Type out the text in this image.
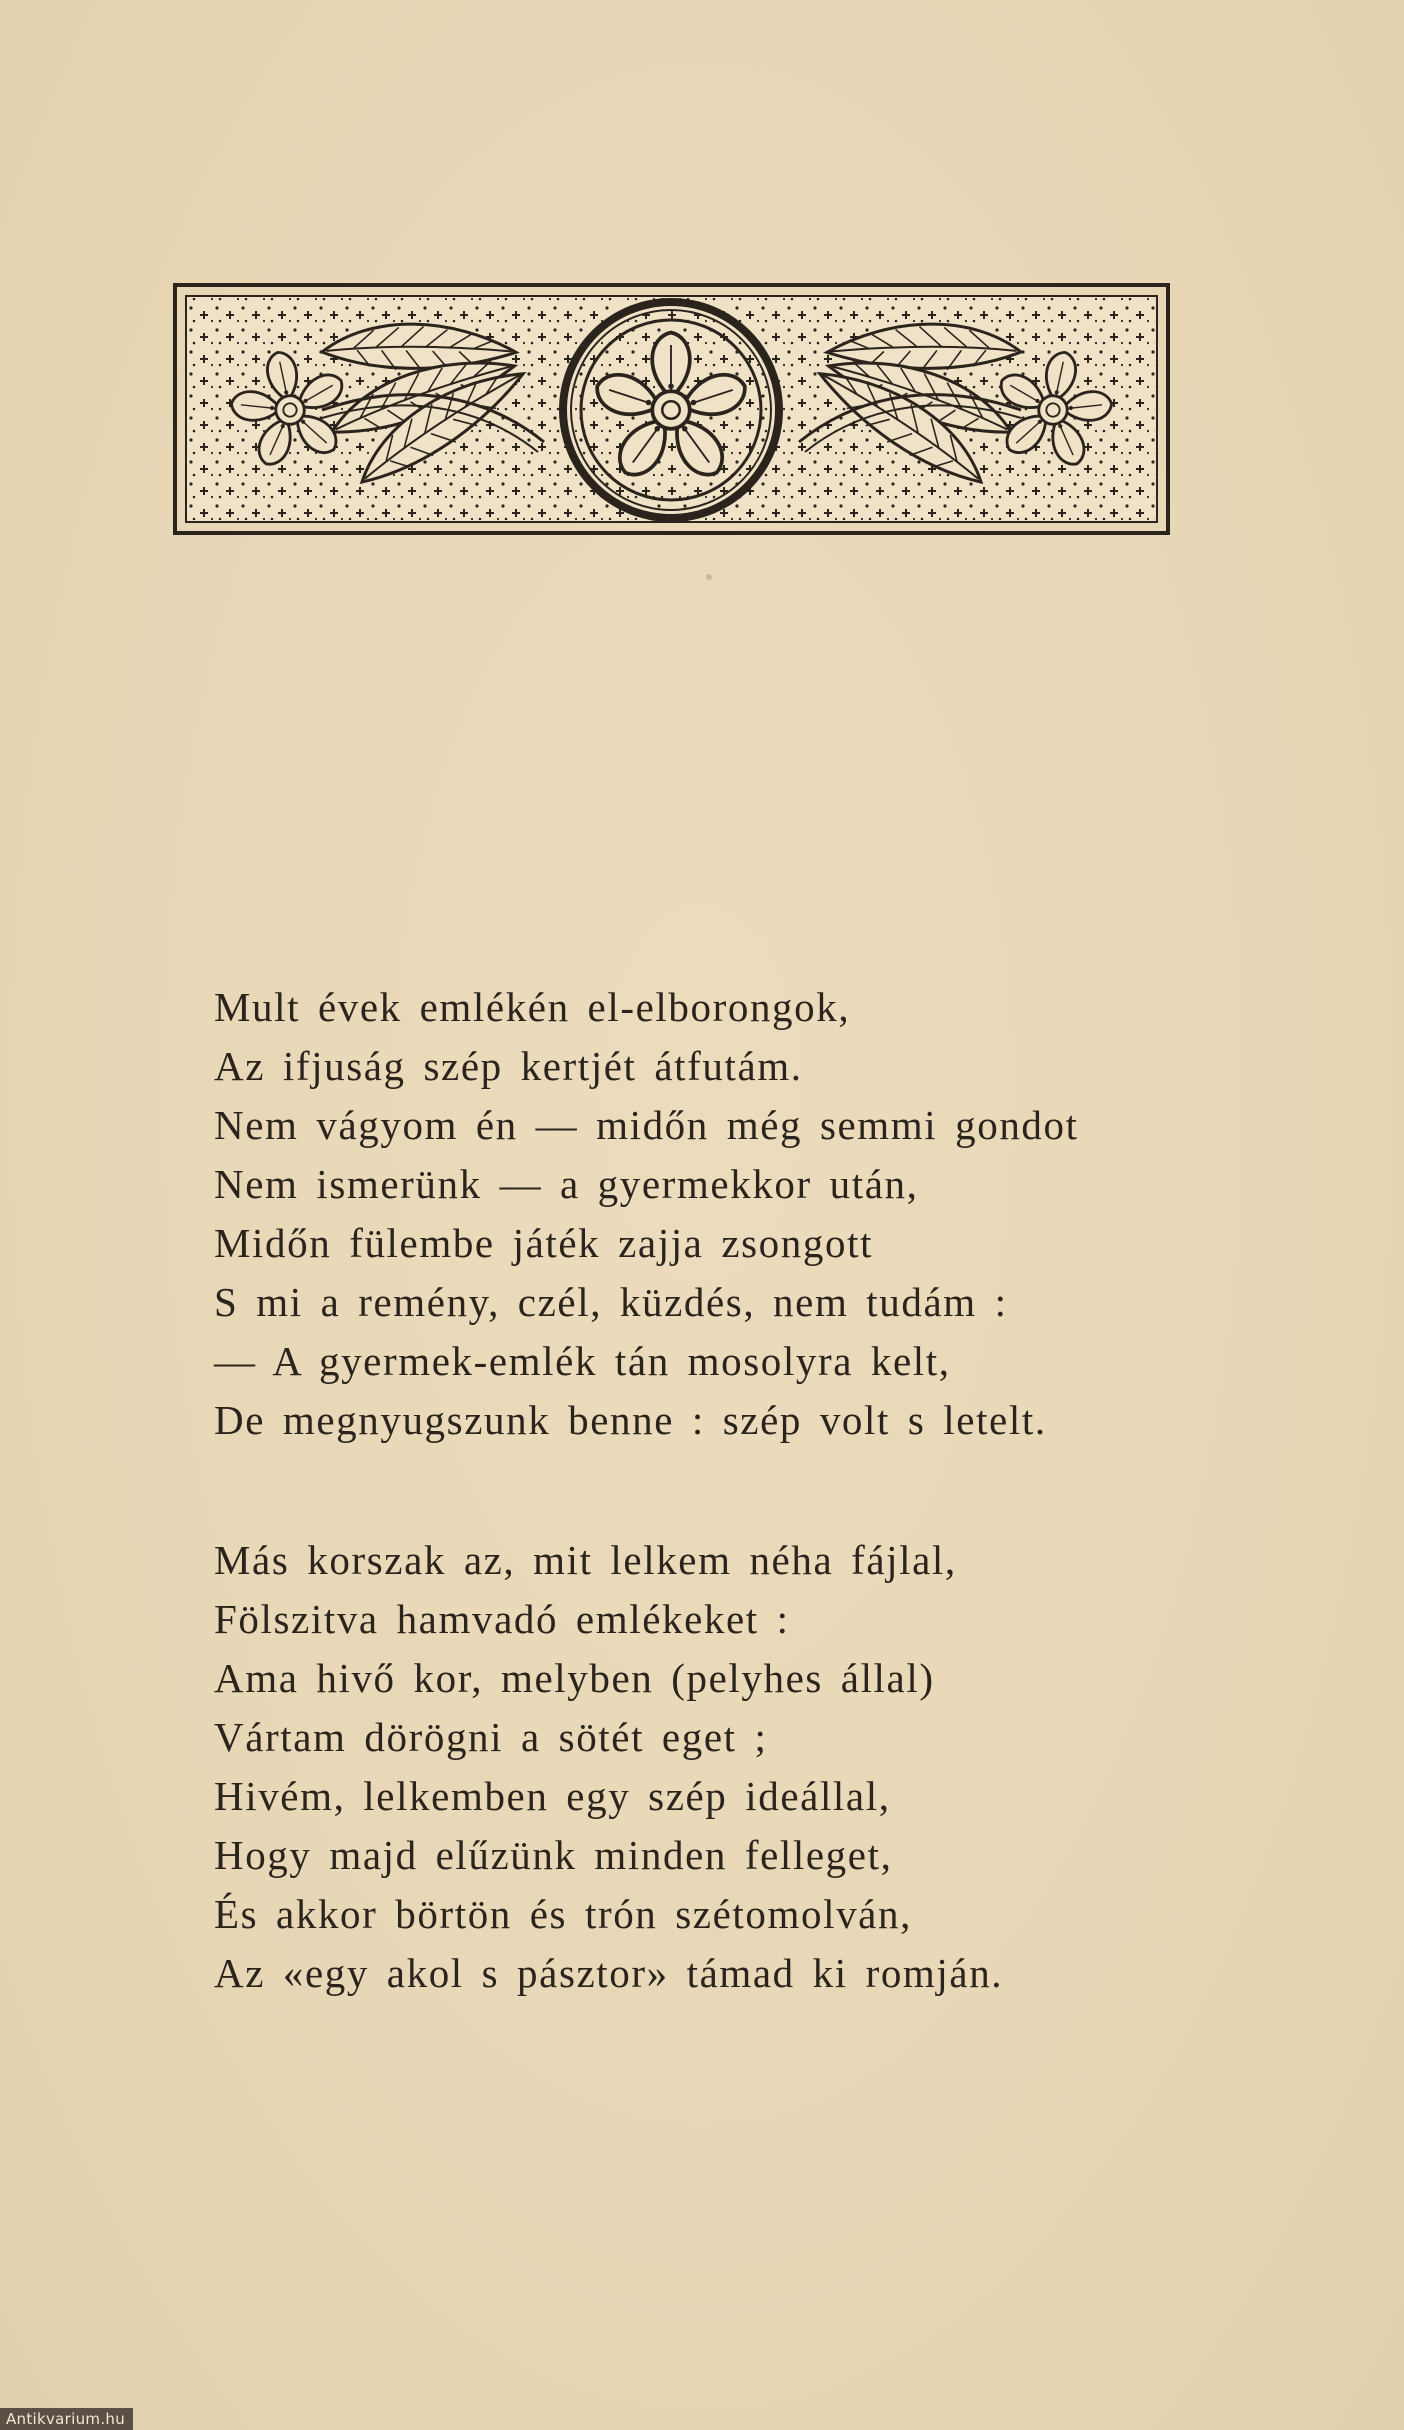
Mult évek emlékén el-elborongok,
Az ifjuság szép kertjét átfutám.
Nem vágyom én — midőn még semmi gondot
Nem ismerünk — a gyermekkor után,
Midőn fülembe játék zajja zsongott
S mi a remény, czél, küzdés, nem tudám :
— A gyermek-emlék tán mosolyra kelt,
De megnyugszunk benne : szép volt s letelt.
Más korszak az, mit lelkem néha fájlal,
Fölszitva hamvadó emlékeket :
Ama hivő kor, melyben (pelyhes állal)
Vártam dörögni a sötét eget ;
Hivém, lelkemben egy szép ideállal,
Hogy majd elűzünk minden felleget,
És akkor börtön és trón szétomolván,
Az «egy akol s pásztor» támad ki romján.
Antikvarium.hu
